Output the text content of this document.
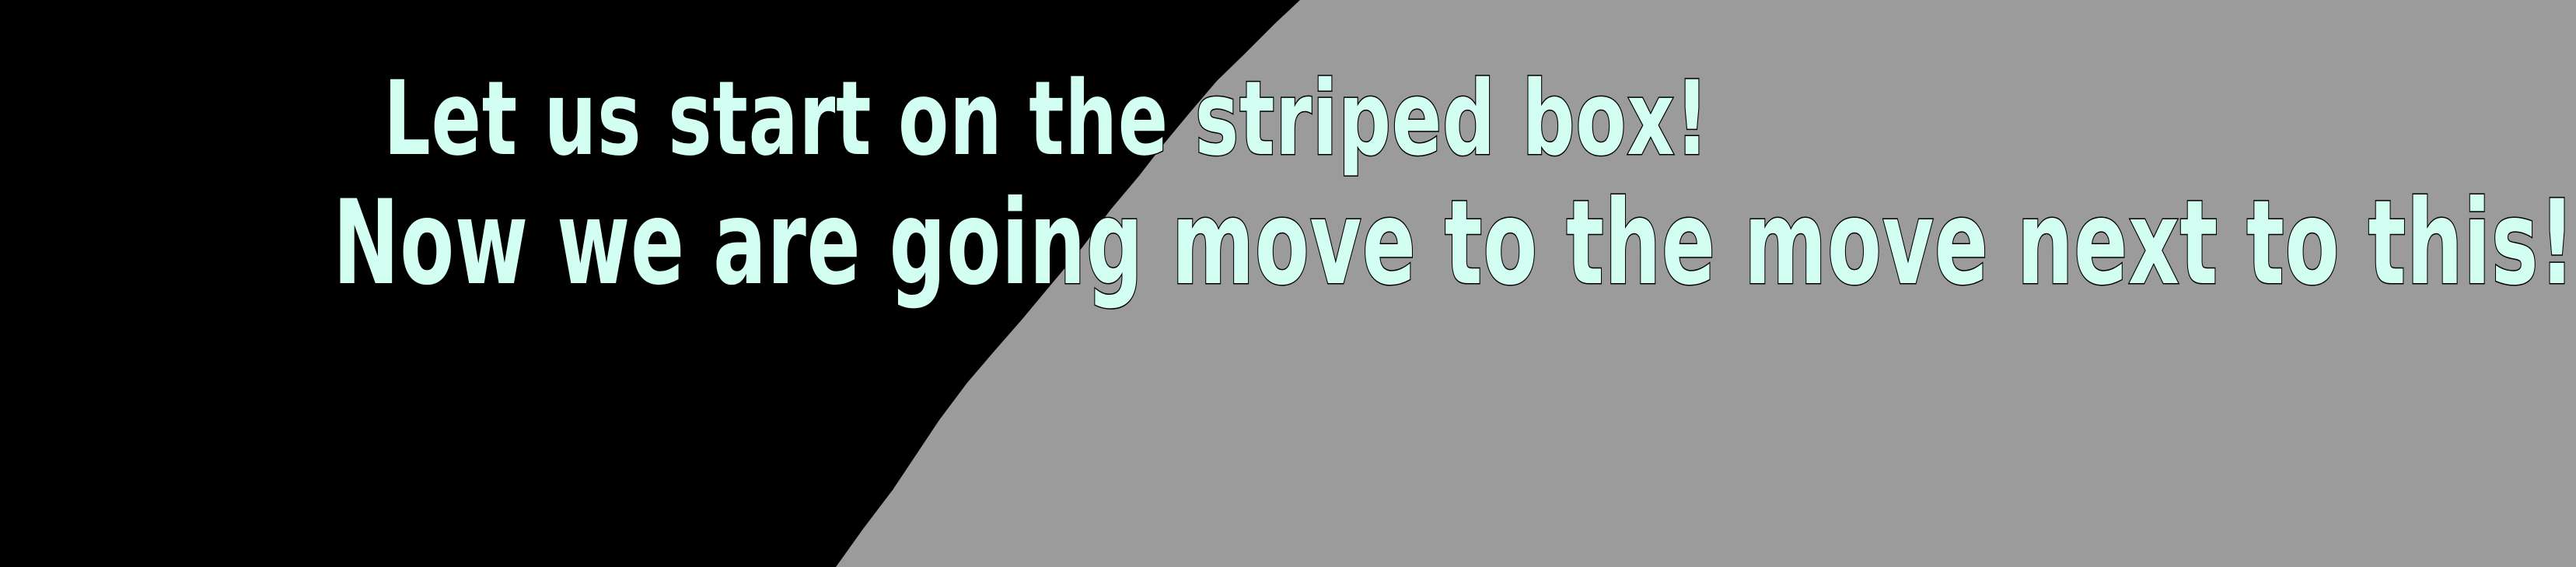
Let us start on the striped box!
Now we are going move to the move next to this!
